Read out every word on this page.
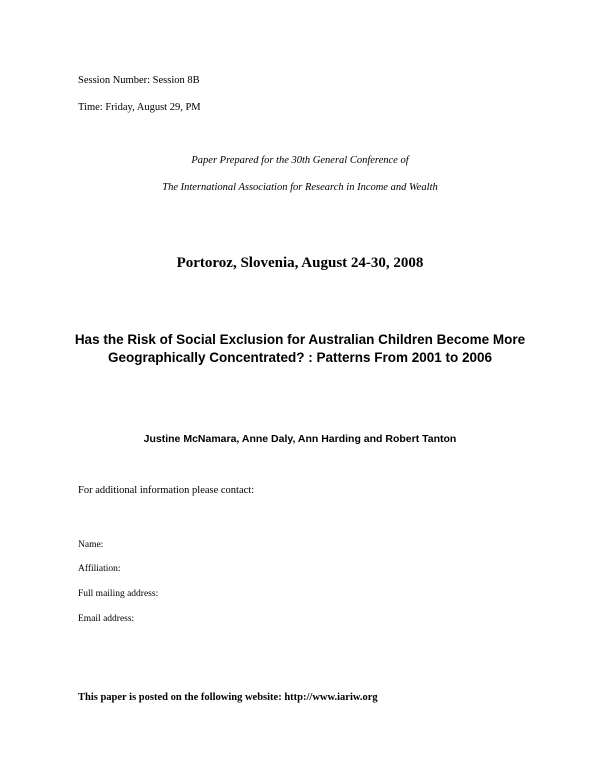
Session Number: Session 8B
Time: Friday, August 29, PM
Paper Prepared for the 30th General Conference of
The International Association for Research in Income and Wealth
Portoroz, Slovenia, August 24-30, 2008
Has the Risk of Social Exclusion for Australian Children Become More Geographically Concentrated? : Patterns From 2001 to 2006
Justine McNamara, Anne Daly, Ann Harding and Robert Tanton
For additional information please contact:
Name:
Affiliation:
Full mailing address:
Email address:
This paper is posted on the following website: http://www.iariw.org
